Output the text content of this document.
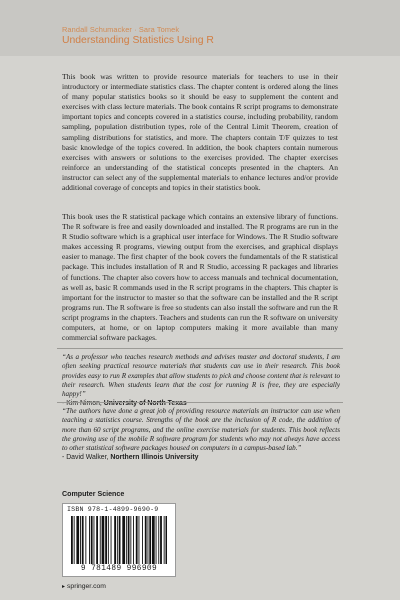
Randall Schumacker · Sara Tomek
Understanding Statistics Using R

This book was written to provide resource materials for teachers to use in their introductory or intermediate statistics class. The chapter content is ordered along the lines of many popular statistics books so it should be easy to supplement the content and exercises with class lecture materials. The book contains R script programs to demonstrate important topics and concepts covered in a statistics course, including probability, random sampling, population distribution types, role of the Central Limit Theorem, creation of sampling distributions for statistics, and more. The chapters contain T/F quizzes to test basic knowledge of the topics covered. In addition, the book chapters contain numerous exercises with answers or solutions to the exercises provided. The chapter exercises reinforce an understanding of the statistical concepts presented in the chapters. An instructor can select any of the supplemental materials to enhance lectures and/or provide additional coverage of concepts and topics in their statistics book.

This book uses the R statistical package which contains an extensive library of functions. The R software is free and easily downloaded and installed. The R programs are run in the R Studio software which is a graphical user interface for Windows. The R Studio software makes accessing R programs, viewing output from the exercises, and graphical displays easier to manage. The first chapter of the book covers the fundamentals of the R statistical package. This includes installation of R and R Studio, accessing R packages and libraries of functions. The chapter also covers how to access manuals and technical documentation, as well as, basic R commands used in the R script programs in the chapters. This chapter is important for the instructor to master so that the software can be installed and the R script programs run. The R software is free so students can also install the software and run the R script programs in the chapters. Teachers and students can run the R software on university computers, at home, or on laptop computers making it more available than many commercial software packages.

“As a professor who teaches research methods and advises master and doctoral students, I am often seeking practical resource materials that students can use in their research. This book provides easy to run R examples that allow students to pick and choose content that is relevant to their research. When students learn that the cost for running R is free, they are especially happy!”

- Kim Nimon, University of North Texas

“The authors have done a great job of providing resource materials an instructor can use when teaching a statistics course. Strengths of the book are the inclusion of R code, the addition of more than 60 script programs, and the online exercise materials for students. This book reflects the growing use of the mobile R software program for students who may not always have access to other statistical software packages housed on computers in a campus-based lab.”

- David Walker, Northern Illinois University

Computer Science
ISBN 978-1-4899-9690-9
9 781489 996909
▸ springer.com
